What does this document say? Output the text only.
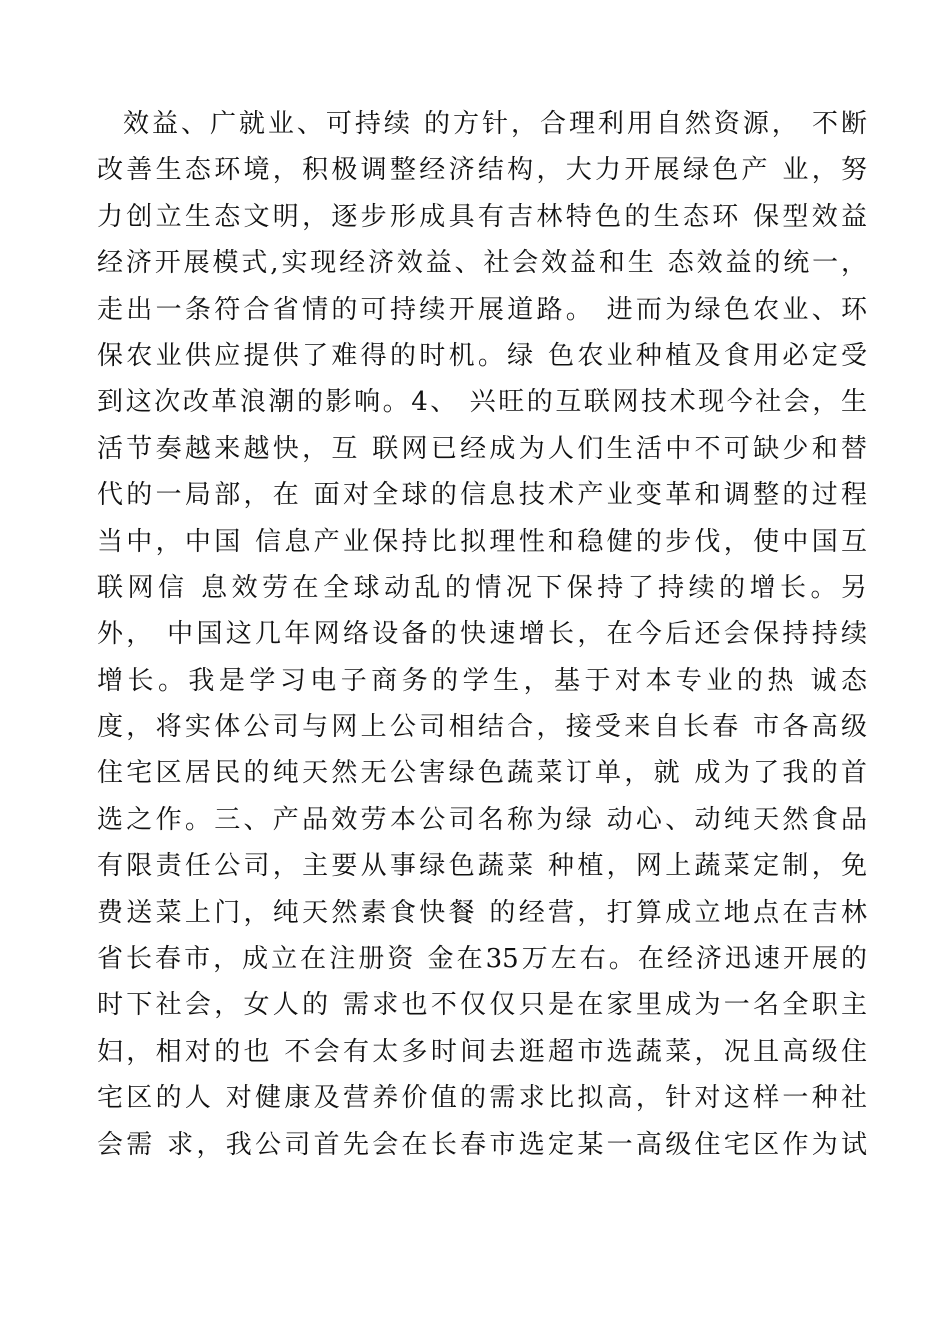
效益、广就业、可持续 的方针，合理利用自然资源， 不断
改善生态环境，积极调整经济结构，大力开展绿色产 业，努
力创立生态文明，逐步形成具有吉林特色的生态环 保型效益
经济开展模式,实现经济效益、社会效益和生 态效益的统一，
走出一条符合省情的可持续开展道路。 进而为绿色农业、环
保农业供应提供了难得的时机。绿 色农业种植及食用必定受
到这次改革浪潮的影响。4、 兴旺的互联网技术现今社会，生
活节奏越来越快，互 联网已经成为人们生活中不可缺少和替
代的一局部，在 面对全球的信息技术产业变革和调整的过程
当中，中国 信息产业保持比拟理性和稳健的步伐，使中国互
联网信 息效劳在全球动乱的情况下保持了持续的增长。另
外， 中国这几年网络设备的快速增长，在今后还会保持持续
增长。我是学习电子商务的学生，基于对本专业的热 诚态
度，将实体公司与网上公司相结合，接受来自长春 市各高级
住宅区居民的纯天然无公害绿色蔬菜订单，就 成为了我的首
选之作。三、产品效劳本公司名称为绿 动心、动纯天然食品
有限责任公司，主要从事绿色蔬菜 种植，网上蔬菜定制，免
费送菜上门，纯天然素食快餐 的经营，打算成立地点在吉林
省长春市，成立在注册资 金在35万左右。在经济迅速开展的
时下社会，女人的 需求也不仅仅只是在家里成为一名全职主
妇，相对的也 不会有太多时间去逛超市选蔬菜，况且高级住
宅区的人 对健康及营养价值的需求比拟高，针对这样一种社
会需 求，我公司首先会在长春市选定某一高级住宅区作为试
